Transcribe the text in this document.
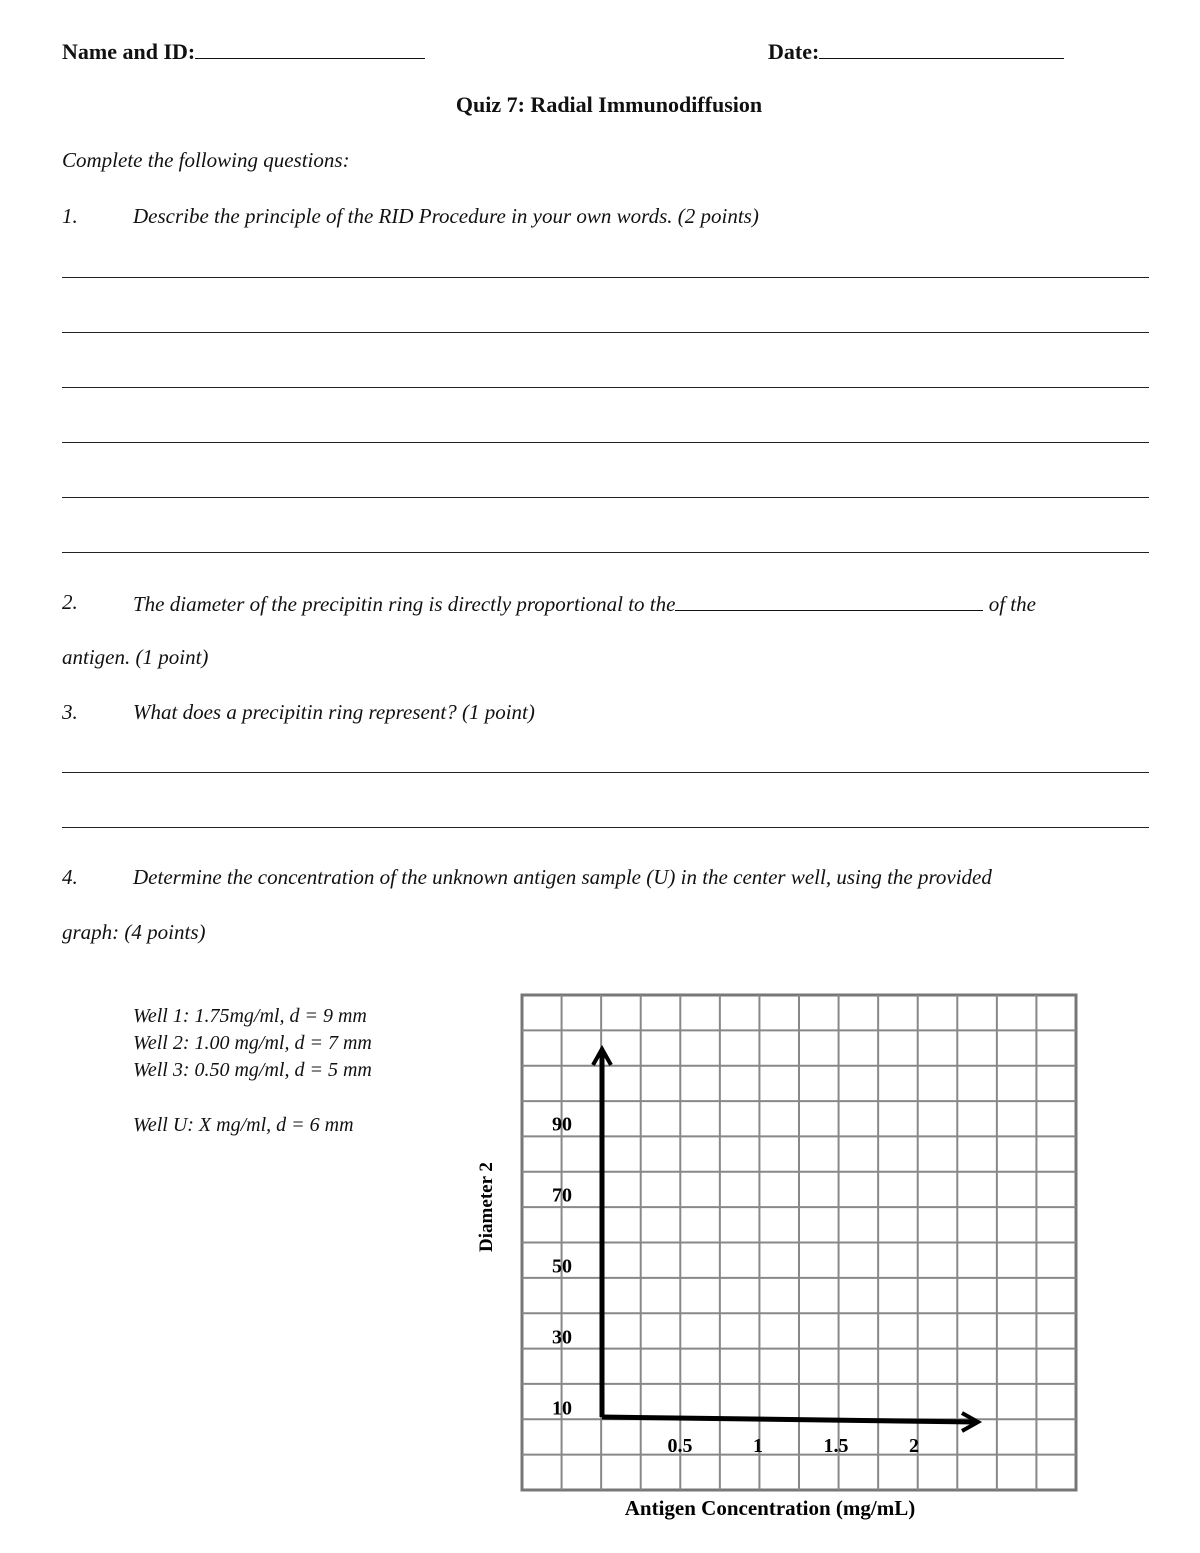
Name and ID:	Date:
Quiz 7: Radial Immunodiffusion
Complete the following questions:
1.	Describe the principle of the RID Procedure in your own words. (2 points)
2.	The diameter of the precipitin ring is directly proportional to the	of the
antigen. (1 point)
3.	What does a precipitin ring represent? (1 point)
4.	Determine the concentration of the unknown antigen sample (U) in the center well, using the provided
graph: (4 points)
Well 1: 1.75mg/ml, d = 9 mm
Well 2: 1.00 mg/ml, d = 7 mm
Well 3: 0.50 mg/ml, d = 5 mm
Well U: X mg/ml, d = 6 mm
0.5	1	1.5	2
10
30
50
70
90
Antigen Concentration (mg/mL)
Diameter 2
